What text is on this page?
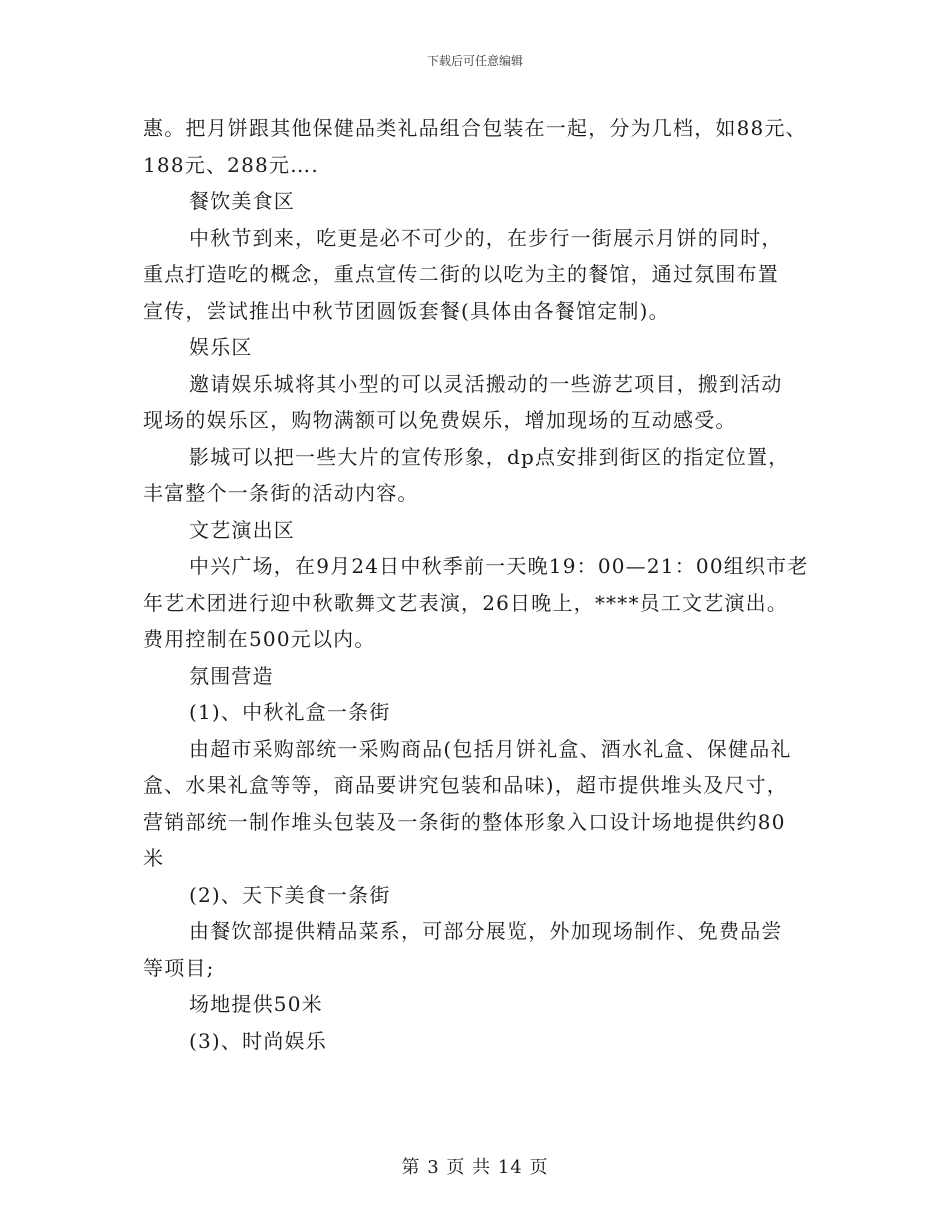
下载后可任意编辑
惠。把月饼跟其他保健品类礼品组合包装在一起，分为几档，如88元、
188元、288元….
餐饮美食区
中秋节到来，吃更是必不可少的，在步行一街展示月饼的同时，
重点打造吃的概念，重点宣传二街的以吃为主的餐馆，通过氛围布置
宣传，尝试推出中秋节团圆饭套餐(具体由各餐馆定制)。
娱乐区
邀请娱乐城将其小型的可以灵活搬动的一些游艺项目，搬到活动
现场的娱乐区，购物满额可以免费娱乐，增加现场的互动感受。
影城可以把一些大片的宣传形象，dp点安排到街区的指定位置，
丰富整个一条街的活动内容。
文艺演出区
中兴广场，在9月24日中秋季前一天晚19：00—21：00组织市老
年艺术团进行迎中秋歌舞文艺表演，26日晚上，****员工文艺演出。
费用控制在500元以内。
氛围营造
(1)、中秋礼盒一条街
由超市采购部统一采购商品(包括月饼礼盒、酒水礼盒、保健品礼
盒、水果礼盒等等，商品要讲究包装和品味)，超市提供堆头及尺寸，
营销部统一制作堆头包装及一条街的整体形象入口设计场地提供约80
米
(2)、天下美食一条街
由餐饮部提供精品菜系，可部分展览，外加现场制作、免费品尝
等项目;
场地提供50米
(3)、时尚娱乐
第 3 页 共 14 页
